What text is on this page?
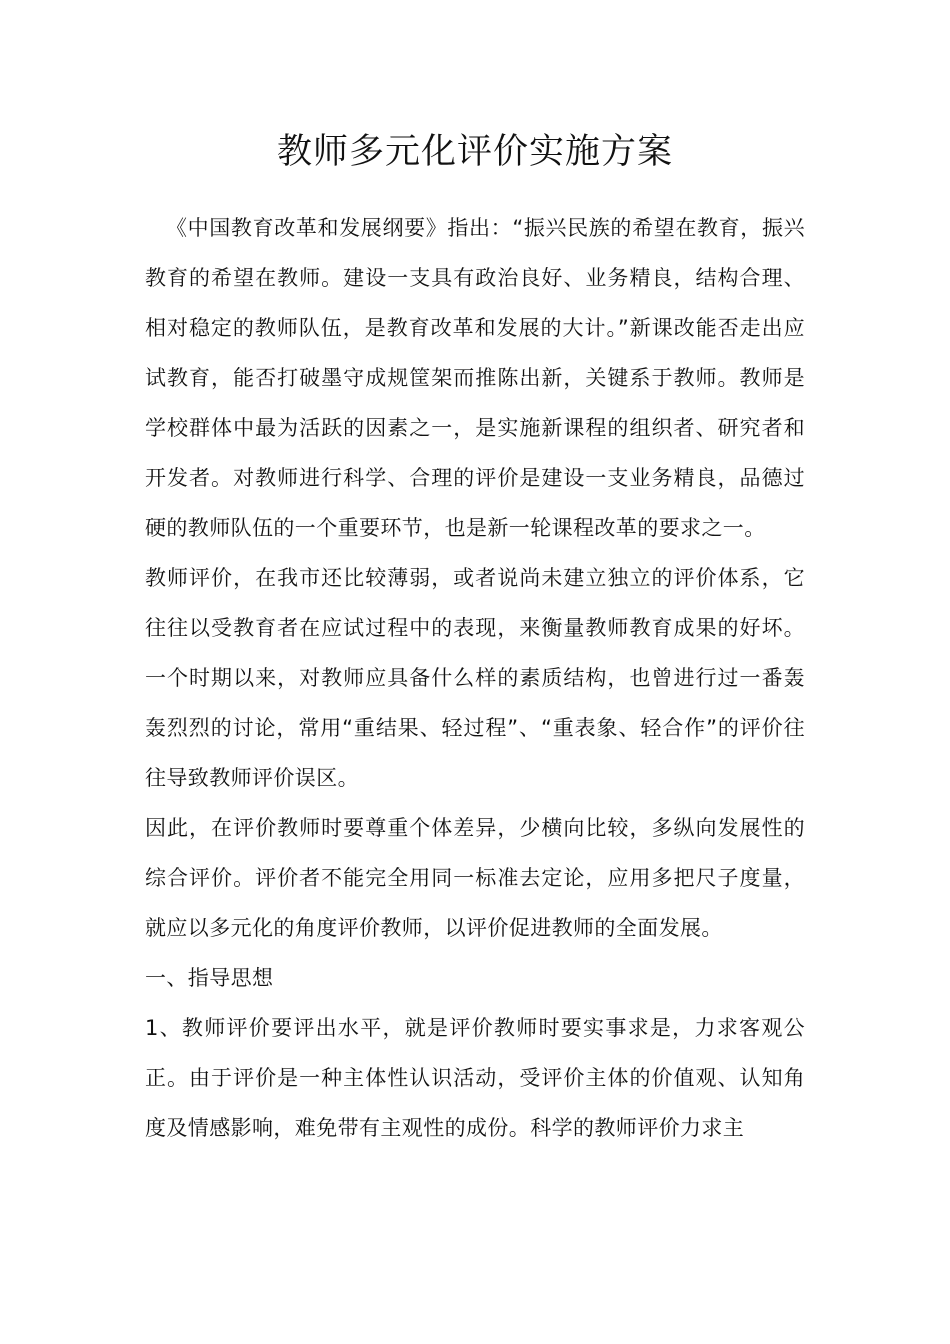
教师多元化评价实施方案

《中国教育改革和发展纲要》指出：“振兴民族的希望在教育，振兴教育的希望在教师。建设一支具有政治良好、业务精良，结构合理、相对稳定的教师队伍，是教育改革和发展的大计。”新课改能否走出应试教育，能否打破墨守成规筐架而推陈出新，关键系于教师。教师是学校群体中最为活跃的因素之一，是实施新课程的组织者、研究者和开发者。对教师进行科学、合理的评价是建设一支业务精良，品德过硬的教师队伍的一个重要环节，也是新一轮课程改革的要求之一。

教师评价，在我市还比较薄弱，或者说尚未建立独立的评价体系，它往往以受教育者在应试过程中的表现，来衡量教师教育成果的好坏。一个时期以来，对教师应具备什么样的素质结构，也曾进行过一番轰轰烈烈的讨论，常用“重结果、轻过程”、“重表象、轻合作”的评价往往导致教师评价误区。

因此，在评价教师时要尊重个体差异，少横向比较，多纵向发展性的综合评价。评价者不能完全用同一标准去定论，应用多把尺子度量，就应以多元化的角度评价教师，以评价促进教师的全面发展。

一、指导思想

1、教师评价要评出水平，就是评价教师时要实事求是，力求客观公正。由于评价是一种主体性认识活动，受评价主体的价值观、认知角度及情感影响，难免带有主观性的成份。科学的教师评价力求主
